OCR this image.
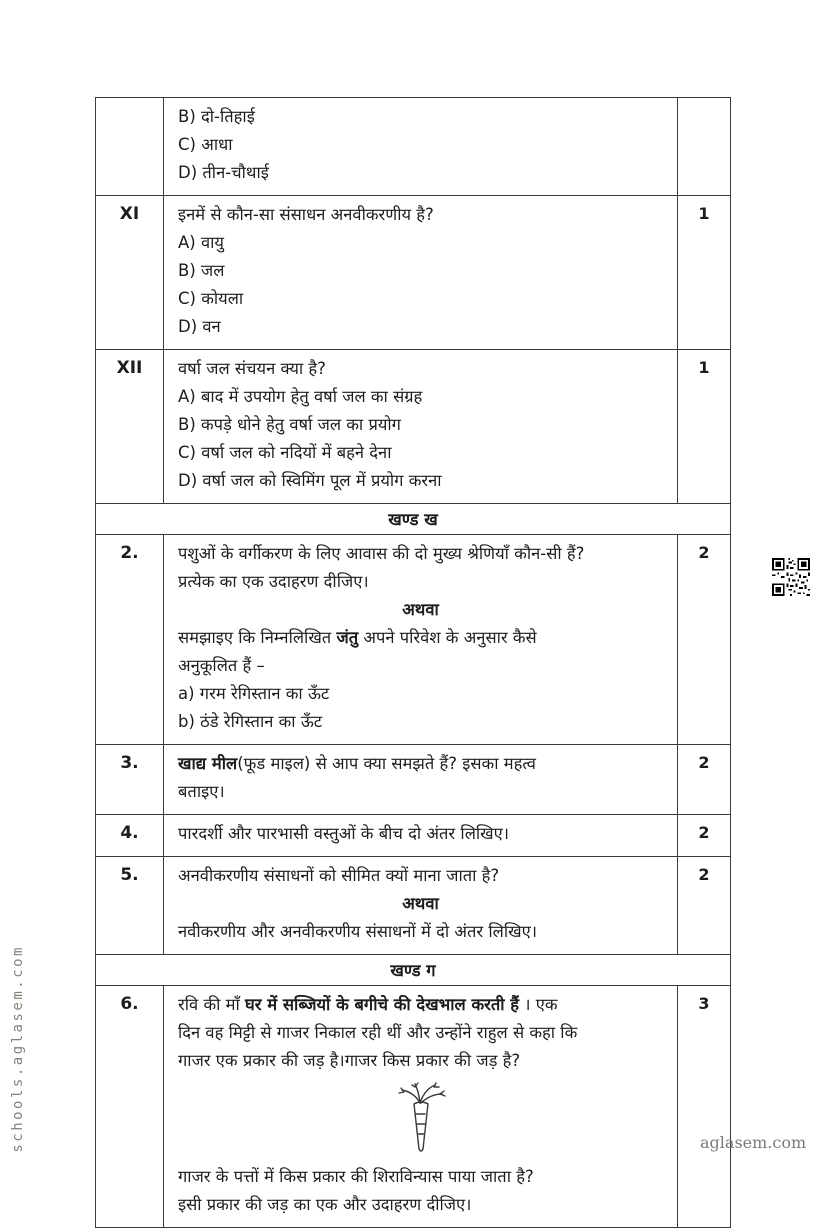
B) दो-तिहाई
C) आधा
D) तीन-चौथाई
XI	इनमें से कौन-सा संसाधन अनवीकरणीय है?
A) वायु
B) जल
C) कोयला
D) वन
1
XII	वर्षा जल संचयन क्या है?
A) बाद में उपयोग हेतु वर्षा जल का संग्रह
B) कपड़े धोने हेतु वर्षा जल का प्रयोग
C) वर्षा जल को नदियों में बहने देना
D) वर्षा जल को स्विमिंग पूल में प्रयोग करना
1
खण्ड ख
2.	पशुओं के वर्गीकरण के लिए आवास की दो मुख्य श्रेणियाँ कौन-सी हैं?
प्रत्येक का एक उदाहरण दीजिए।
अथवा
समझाइए कि निम्नलिखित जंतु अपने परिवेश के अनुसार कैसे
अनुकूलित हैं –
a) गरम रेगिस्तान का ऊँट
b) ठंडे रेगिस्तान का ऊँट
2
3.	खाद्य मील(फूड माइल) से आप क्या समझते हैं? इसका महत्व
बताइए।
2
4.	पारदर्शी और पारभासी वस्तुओं के बीच दो अंतर लिखिए।	2
5.	अनवीकरणीय संसाधनों को सीमित क्यों माना जाता है?
अथवा
नवीकरणीय और अनवीकरणीय संसाधनों में दो अंतर लिखिए।
2
खण्ड ग
6.	रवि की माँ घर में सब्जियों के बगीचे की देखभाल करती हैं । एक
दिन वह मिट्टी से गाजर निकाल रही थीं और उन्होंने राहुल से कहा कि
गाजर एक प्रकार की जड़ है।गाजर किस प्रकार की जड़ है?
गाजर के पत्तों में किस प्रकार की शिराविन्यास पाया जाता है?
इसी प्रकार की जड़ का एक और उदाहरण दीजिए।
3
schools.aglasem.com	aglasem.com
